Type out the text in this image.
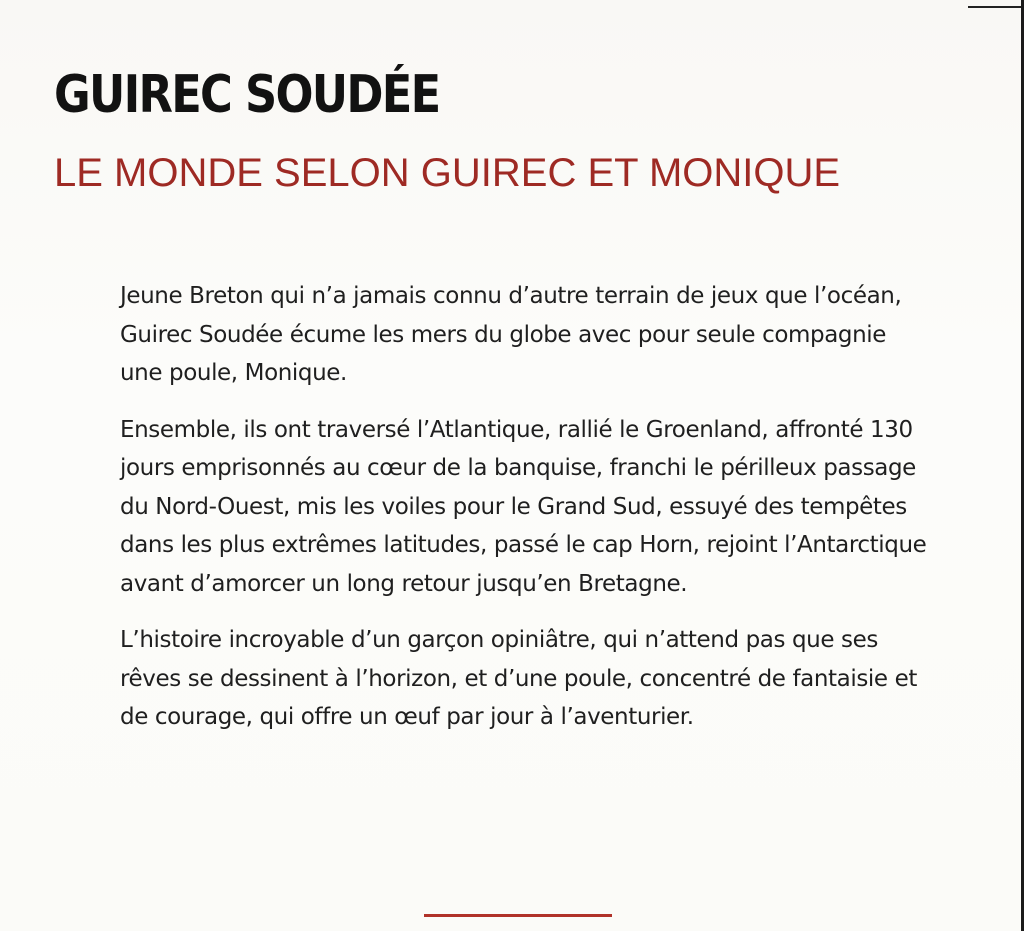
GUIREC SOUDÉE
LE MONDE SELON GUIREC ET MONIQUE

Jeune Breton qui n’a jamais connu d’autre terrain de jeux que l’océan, Guirec Soudée écume les mers du globe avec pour seule compagnie une poule, Monique.

Ensemble, ils ont traversé l’Atlantique, rallié le Groenland, affronté 130 jours emprisonnés au cœur de la banquise, franchi le périlleux passage du Nord-Ouest, mis les voiles pour le Grand Sud, essuyé des tempêtes dans les plus extrêmes latitudes, passé le cap Horn, rejoint l’Antarctique avant d’amorcer un long retour jusqu’en Bretagne.

L’histoire incroyable d’un garçon opiniâtre, qui n’attend pas que ses rêves se dessinent à l’horizon, et d’une poule, concentré de fantaisie et de courage, qui offre un œuf par jour à l’aventurier.
